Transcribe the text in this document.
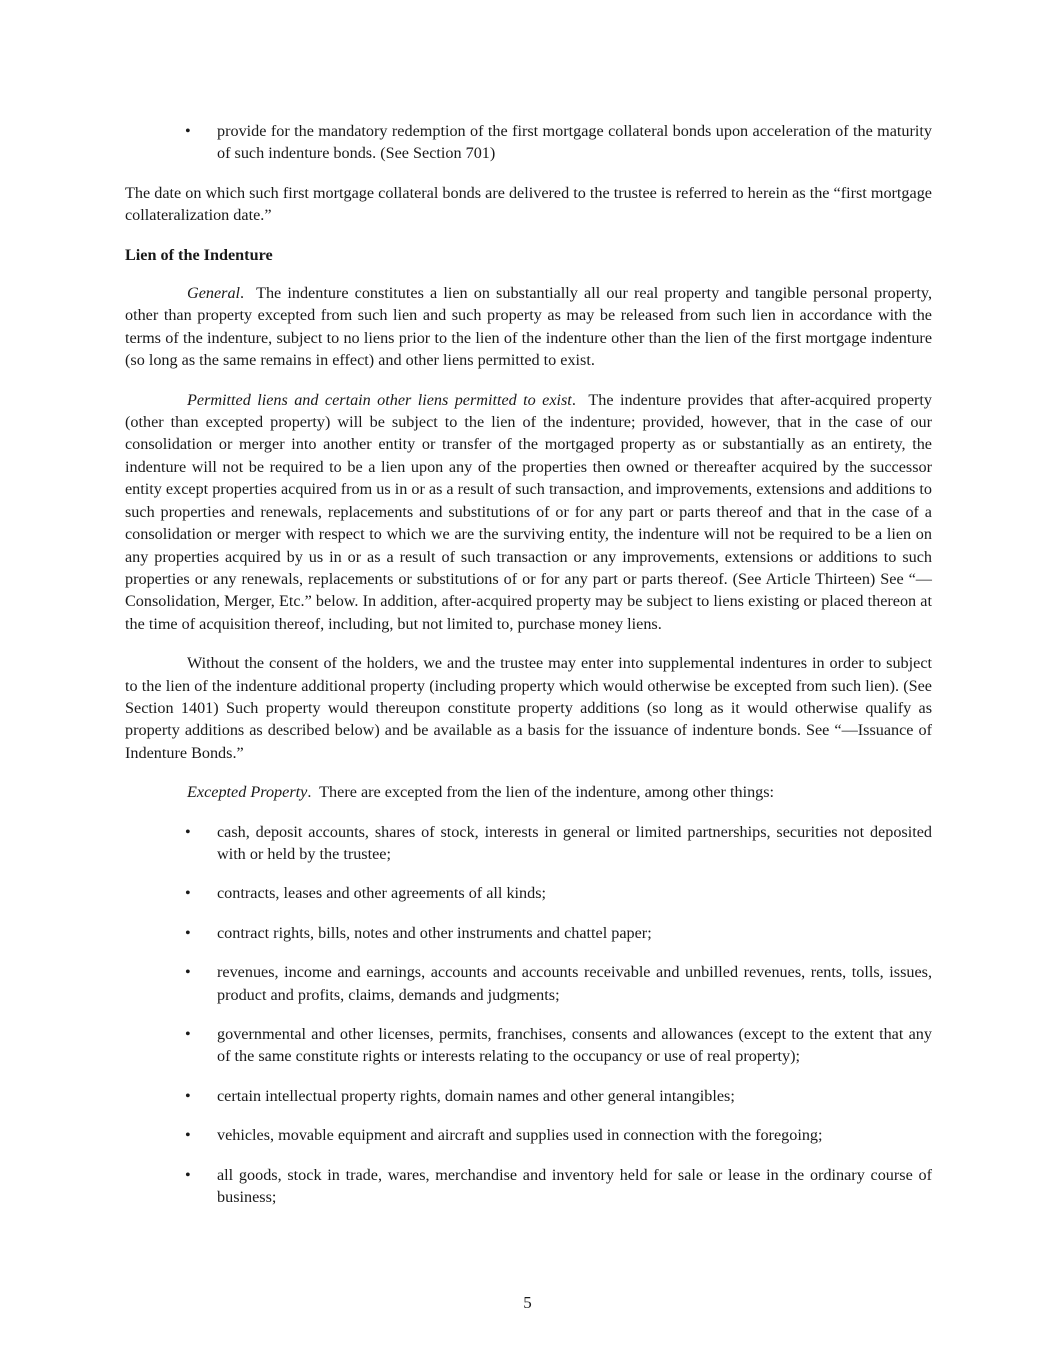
• provide for the mandatory redemption of the first mortgage collateral bonds upon acceleration of the maturity of such indenture bonds. (See Section 701)

The date on which such first mortgage collateral bonds are delivered to the trustee is referred to herein as the “first mortgage collateralization date.”

Lien of the Indenture

General.  The indenture constitutes a lien on substantially all our real property and tangible personal property, other than property excepted from such lien and such property as may be released from such lien in accordance with the terms of the indenture, subject to no liens prior to the lien of the indenture other than the lien of the first mortgage indenture (so long as the same remains in effect) and other liens permitted to exist.

Permitted liens and certain other liens permitted to exist.  The indenture provides that after-acquired property (other than excepted property) will be subject to the lien of the indenture; provided, however, that in the case of our consolidation or merger into another entity or transfer of the mortgaged property as or substantially as an entirety, the indenture will not be required to be a lien upon any of the properties then owned or thereafter acquired by the successor entity except properties acquired from us in or as a result of such transaction, and improvements, extensions and additions to such properties and renewals, replacements and substitutions of or for any part or parts thereof and that in the case of a consolidation or merger with respect to which we are the surviving entity, the indenture will not be required to be a lien on any properties acquired by us in or as a result of such transaction or any improvements, extensions or additions to such properties or any renewals, replacements or substitutions of or for any part or parts thereof. (See Article Thirteen) See “—Consolidation, Merger, Etc.” below. In addition, after-acquired property may be subject to liens existing or placed thereon at the time of acquisition thereof, including, but not limited to, purchase money liens.

Without the consent of the holders, we and the trustee may enter into supplemental indentures in order to subject to the lien of the indenture additional property (including property which would otherwise be excepted from such lien). (See Section 1401) Such property would thereupon constitute property additions (so long as it would otherwise qualify as property additions as described below) and be available as a basis for the issuance of indenture bonds. See “—Issuance of Indenture Bonds.”

Excepted Property.  There are excepted from the lien of the indenture, among other things:

• cash, deposit accounts, shares of stock, interests in general or limited partnerships, securities not deposited with or held by the trustee;
• contracts, leases and other agreements of all kinds;
• contract rights, bills, notes and other instruments and chattel paper;
• revenues, income and earnings, accounts and accounts receivable and unbilled revenues, rents, tolls, issues, product and profits, claims, demands and judgments;
• governmental and other licenses, permits, franchises, consents and allowances (except to the extent that any of the same constitute rights or interests relating to the occupancy or use of real property);
• certain intellectual property rights, domain names and other general intangibles;
• vehicles, movable equipment and aircraft and supplies used in connection with the foregoing;
• all goods, stock in trade, wares, merchandise and inventory held for sale or lease in the ordinary course of business;
5
